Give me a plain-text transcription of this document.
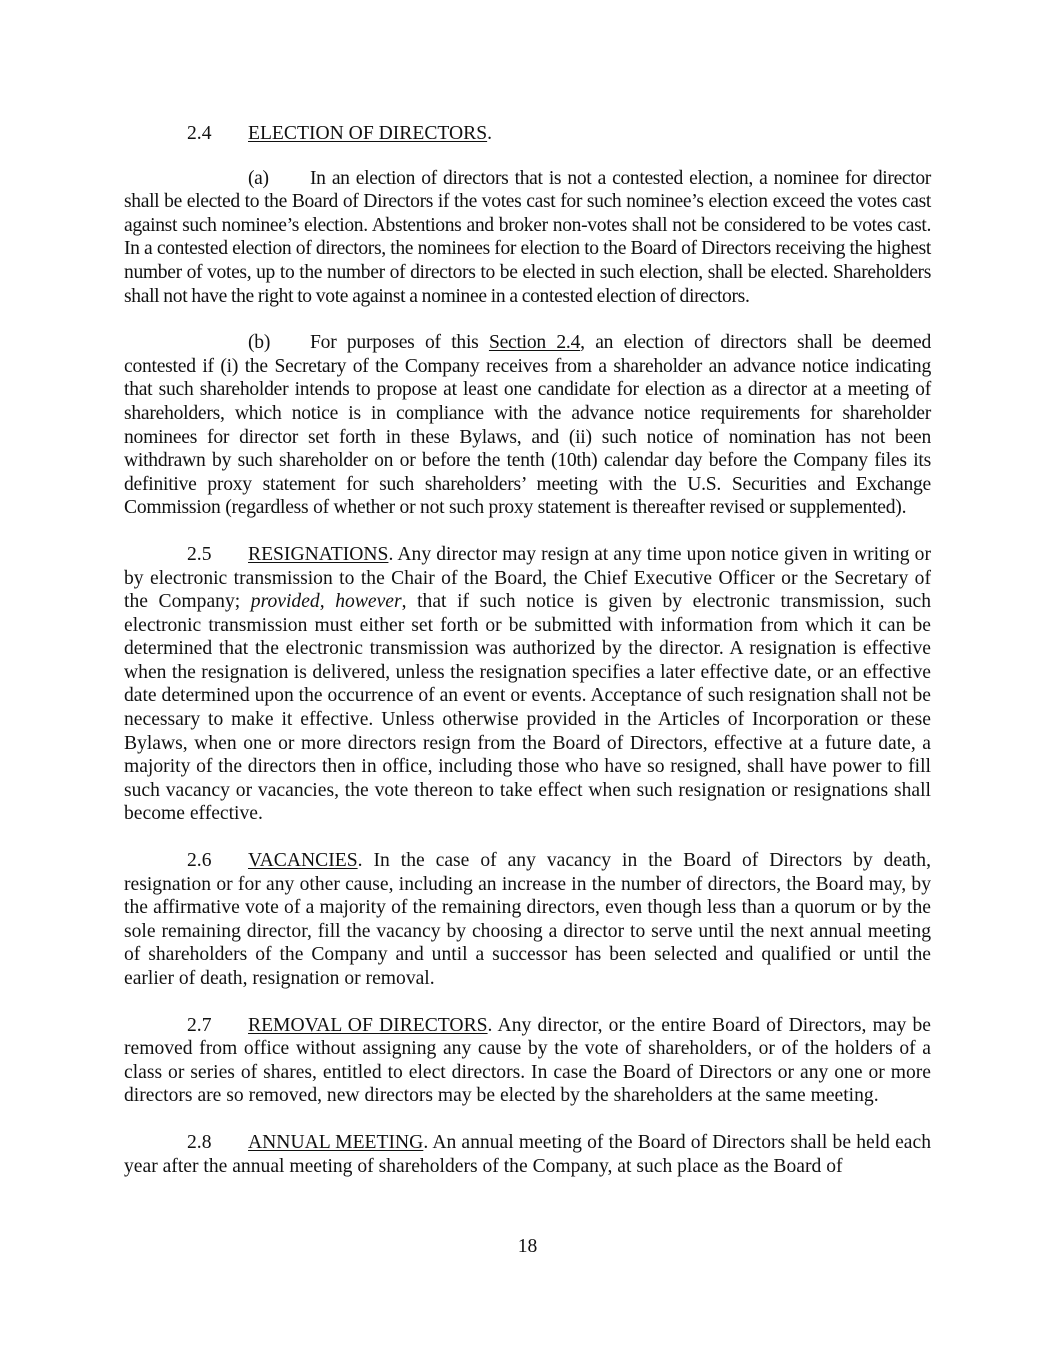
2.4 ELECTION OF DIRECTORS.

(a) In an election of directors that is not a contested election, a nominee for director shall be elected to the Board of Directors if the votes cast for such nominee’s election exceed the votes cast against such nominee’s election. Abstentions and broker non-votes shall not be considered to be votes cast. In a contested election of directors, the nominees for election to the Board of Directors receiving the highest number of votes, up to the number of directors to be elected in such election, shall be elected. Shareholders shall not have the right to vote against a nominee in a contested election of directors.

(b) For purposes of this Section 2.4, an election of directors shall be deemed contested if (i) the Secretary of the Company receives from a shareholder an advance notice indicating that such shareholder intends to propose at least one candidate for election as a director at a meeting of shareholders, which notice is in compliance with the advance notice requirements for shareholder nominees for director set forth in these Bylaws, and (ii) such notice of nomination has not been withdrawn by such shareholder on or before the tenth (10th) calendar day before the Company files its definitive proxy statement for such shareholders’ meeting with the U.S. Securities and Exchange Commission (regardless of whether or not such proxy statement is thereafter revised or supplemented).

2.5 RESIGNATIONS. Any director may resign at any time upon notice given in writing or by electronic transmission to the Chair of the Board, the Chief Executive Officer or the Secretary of the Company; provided, however, that if such notice is given by electronic transmission, such electronic transmission must either set forth or be submitted with information from which it can be determined that the electronic transmission was authorized by the director. A resignation is effective when the resignation is delivered, unless the resignation specifies a later effective date, or an effective date determined upon the occurrence of an event or events. Acceptance of such resignation shall not be necessary to make it effective. Unless otherwise provided in the Articles of Incorporation or these Bylaws, when one or more directors resign from the Board of Directors, effective at a future date, a majority of the directors then in office, including those who have so resigned, shall have power to fill such vacancy or vacancies, the vote thereon to take effect when such resignation or resignations shall become effective.

2.6 VACANCIES. In the case of any vacancy in the Board of Directors by death, resignation or for any other cause, including an increase in the number of directors, the Board may, by the affirmative vote of a majority of the remaining directors, even though less than a quorum or by the sole remaining director, fill the vacancy by choosing a director to serve until the next annual meeting of shareholders of the Company and until a successor has been selected and qualified or until the earlier of death, resignation or removal.

2.7 REMOVAL OF DIRECTORS. Any director, or the entire Board of Directors, may be removed from office without assigning any cause by the vote of shareholders, or of the holders of a class or series of shares, entitled to elect directors. In case the Board of Directors or any one or more directors are so removed, new directors may be elected by the shareholders at the same meeting.

2.8 ANNUAL MEETING. An annual meeting of the Board of Directors shall be held each year after the annual meeting of shareholders of the Company, at such place as the Board of

18
